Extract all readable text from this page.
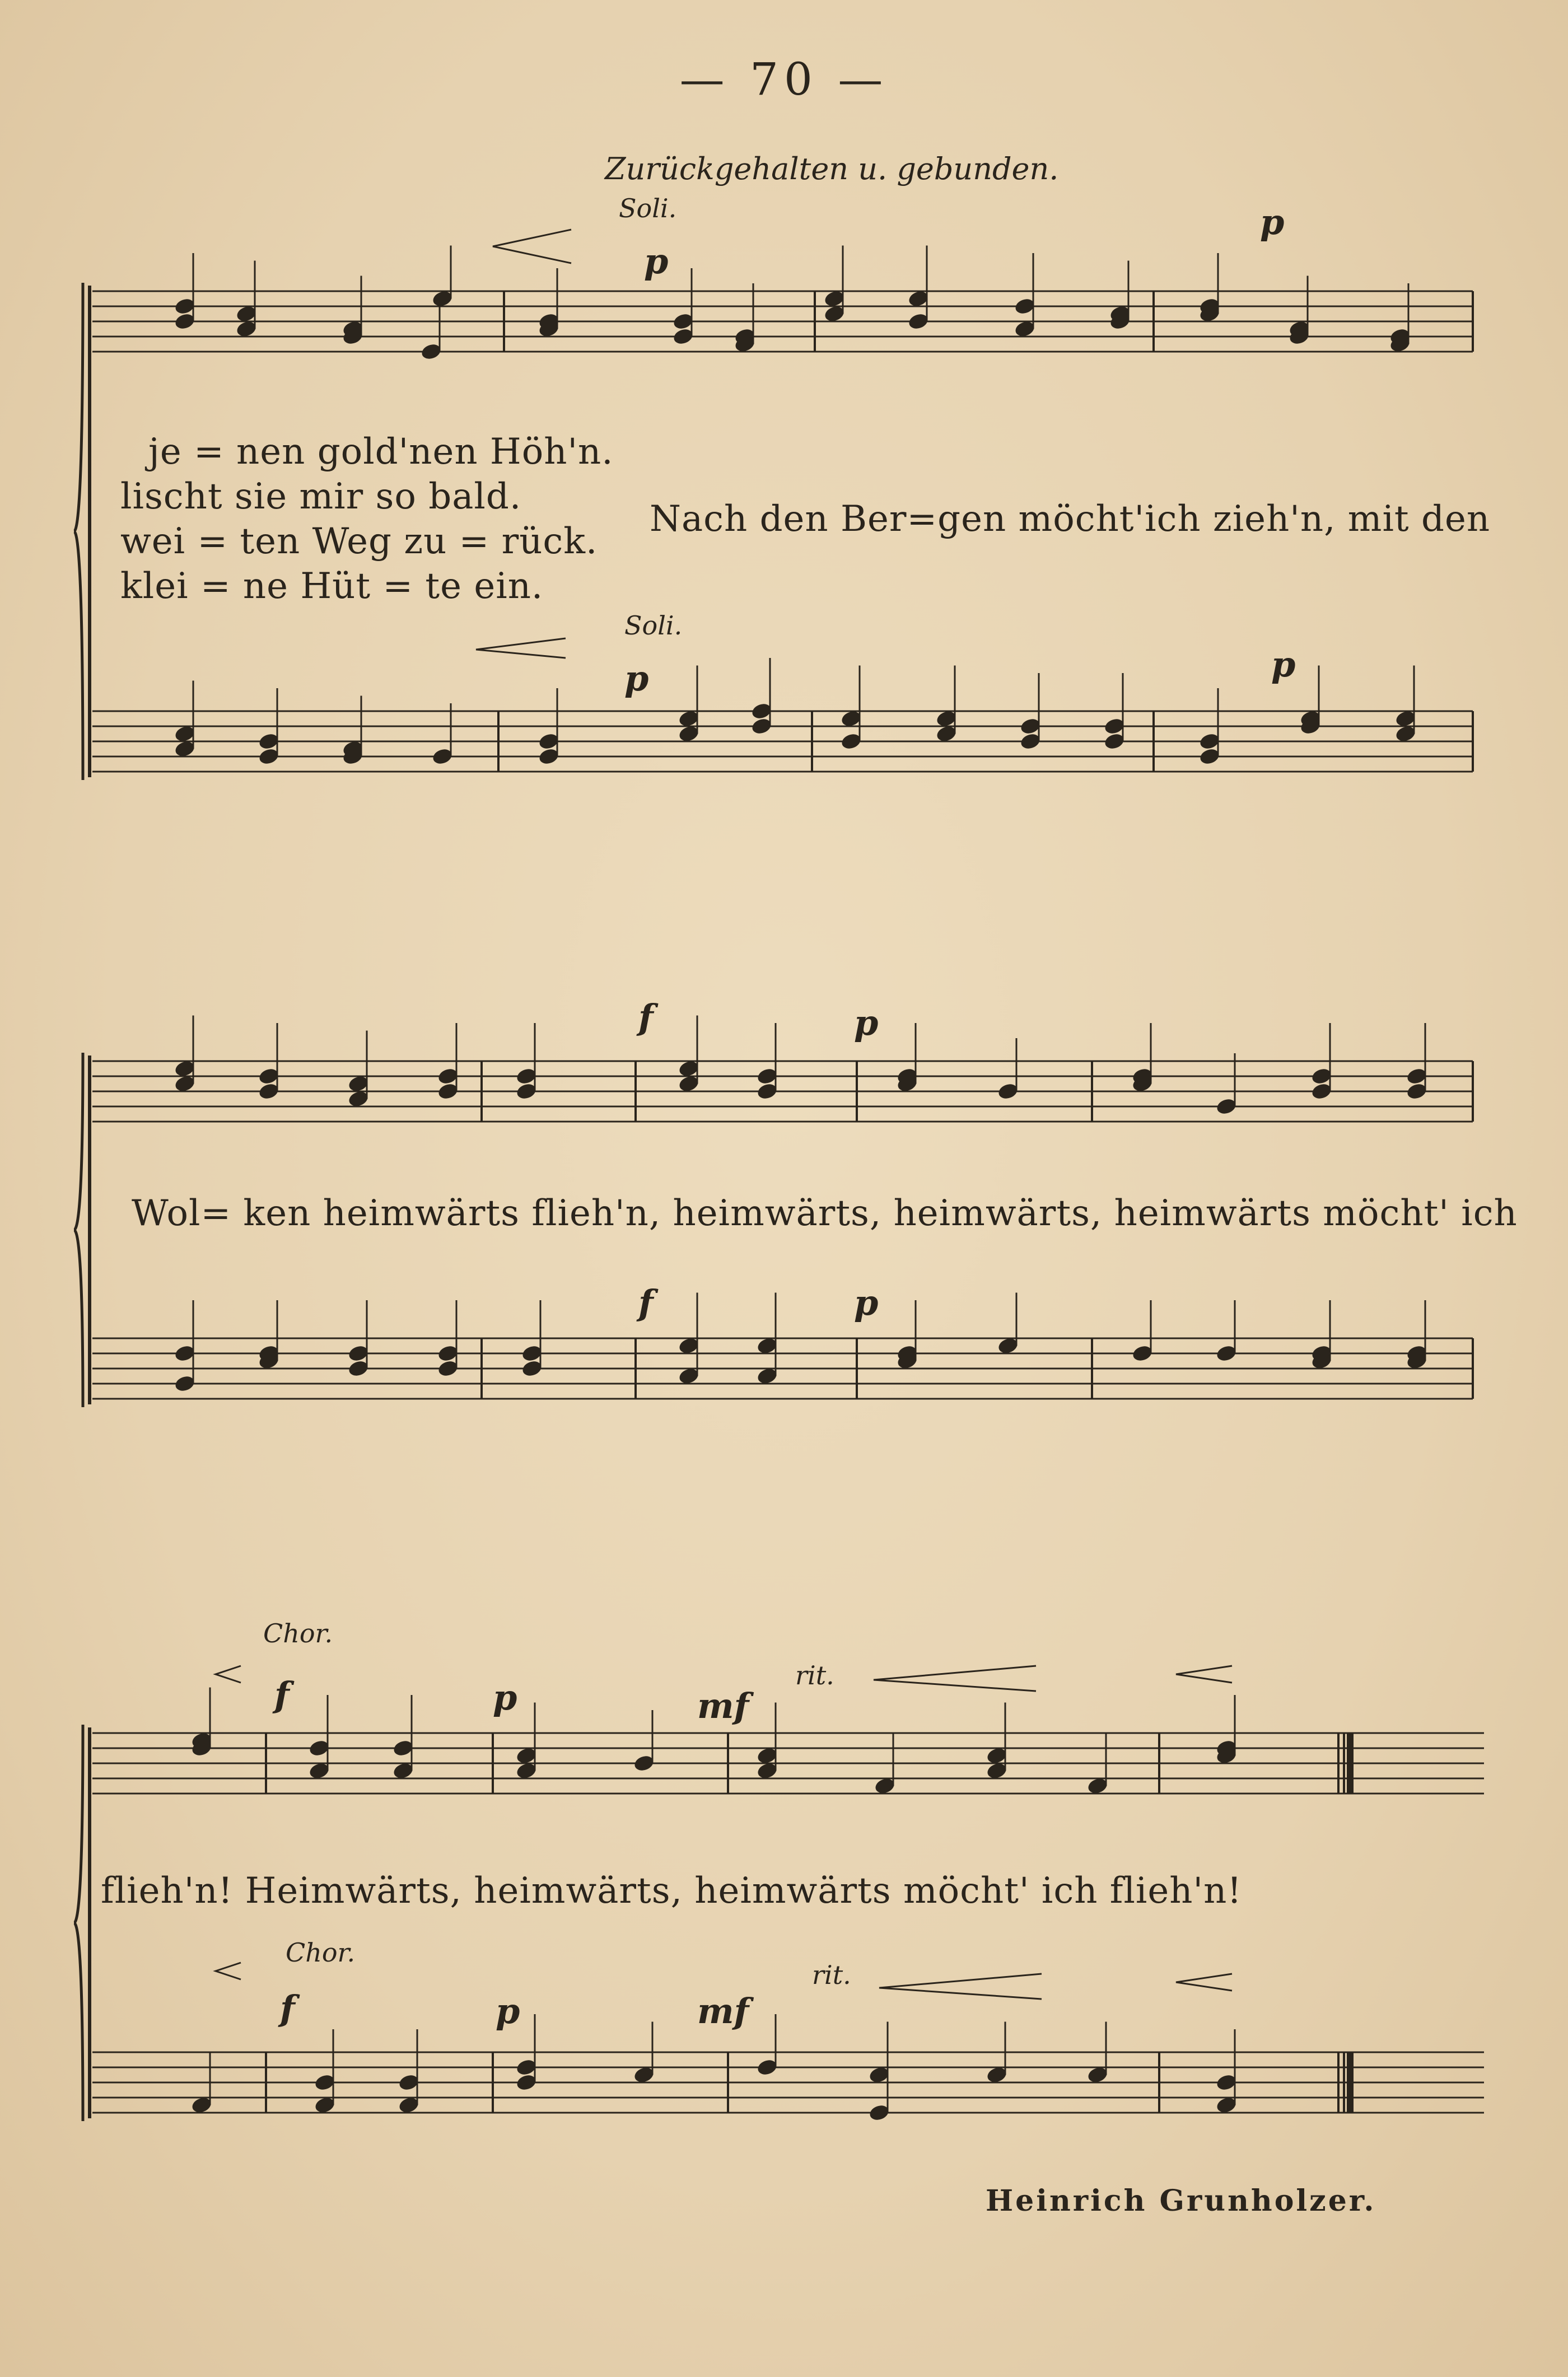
— 70 —
Zurückgehalten u. gebunden.
Soli.
p
p
je = nen gold'nen Höh'n.
lischt sie mir so bald.
wei = ten Weg zu = rück.
klei = ne Hüt = te ein.
Nach den Ber=gen möcht'ich zieh'n, mit den
Soli.
p	p
f	p
Wol= ken heimwärts flieh'n, heimwärts, heimwärts, heimwärts möcht' ich
f	p
Chor.
f	p	mf
rit.
flieh'n! Heimwärts, heimwärts, heimwärts möcht' ich flieh'n!
Chor.
f	p	mf
rit.
Heinrich Grunholzer.
